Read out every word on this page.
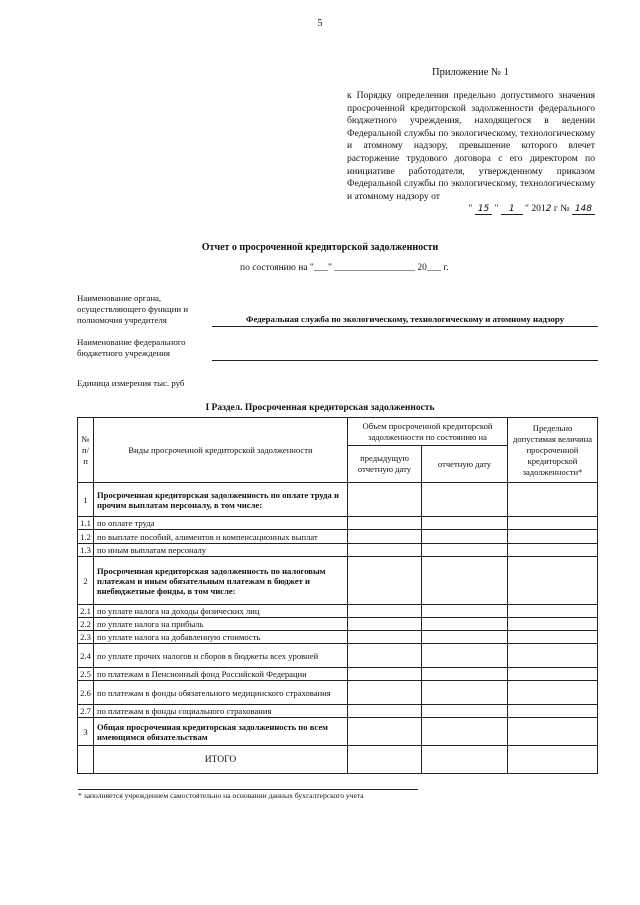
5
Приложение № 1
к Порядку определения предельно допустимого значения просроченной кредиторской задолженности федерального бюджетного учреждения, находящегося в ведении Федеральной службы по экологическому, технологическому и атомному надзору, превышение которого влечет расторжение трудового договора с его директором по инициативе работодателя, утвержденному приказом Федеральной службы по экологическому, технологическому и атомному надзору от
" 15 " 1 " 2012 г № 148
Отчет о просроченной кредиторской задолженности
по состоянию на "___" _________________ 20___ г.
Наименование органа, осуществляющего функции и полномочия учредителя	Федеральная служба по экологическому, технологическому и атомному надзору
Наименование федерального бюджетного учреждения
Единица измерения тыс. руб
I Раздел. Просроченная кредиторская задолженность
№ п/п	Виды просроченной кредиторской задолженности	Объем просроченной кредиторской задолженности по состоянию на		Предельно допустимая величина просроченной кредиторской задолженности*
		предыдущую отчетную дату	отчетную дату	
1	Просроченная кредиторская задолженность по оплате труда и прочим выплатам персоналу, в том числе:			
1.1	по оплате труда			
1.2	по выплате пособий, алиментов и компенсационных выплат			
1.3	по иным выплатам персоналу			
2	Просроченная кредиторская задолженность по налоговым платежам и иным обязательным платежам в бюджет и внебюджетные фонды, в том числе:			
2.1	по уплате налога на доходы физических лиц			
2.2	по уплате налога на прибыль			
2.3	по уплате налога на добавленную стоимость			
2.4	по уплате прочих налогов и сборов в бюджеты всех уровней			
2.5	по платежам в Пенсионный фонд Российской Федерации			
2.6	по платежам в фонды обязательного медицинского страхования			
2.7	по платежам в фонды социального страхования			
3	Общая просроченная кредиторская задолженность по всем имеющимся обязательствам			
	ИТОГО			
* заполняется учреждением самостоятельно на основании данных бухгалтерского учета
